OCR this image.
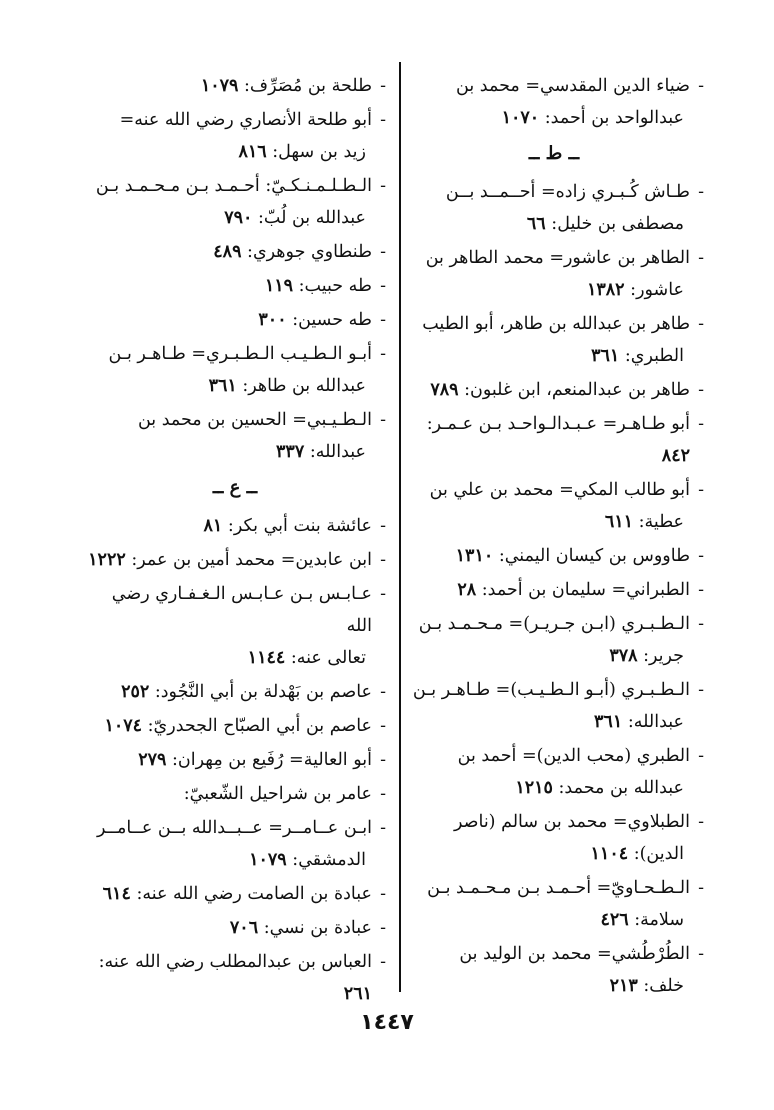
-ضياء الدين المقدسي= محمد بن
عبدالواحد بن أحمد: ١٠٧٠
ــ ط ــ
-طـاش كُـبـري زاده= أحــمــد بــن
مصطفى بن خليل: ٦٦
-الطاهر بن عاشور= محمد الطاهر بن
عاشور: ١٣٨٢
-طاهر بن عبدالله بن طاهر، أبو الطيب
الطبري: ٣٦١
-طاهر بن عبدالمنعم، ابن غلبون: ٧٨٩
-أبو طـاهـر= عـبـدالـواحـد بـن عـمـر: ٨٤٢
-أبو طالب المكي= محمد بن علي بن
عطية: ٦١١
-طاووس بن كيسان اليمني: ١٣١٠
-الطبراني= سليمان بن أحمد: ٢٨
-الـطـبـري (ابـن جـريـر)= مـحـمـد بـن
جرير: ٣٧٨
-الـطـبـري (أبـو الـطـيـب)= طـاهـر بـن
عبدالله: ٣٦١
-الطبري (محب الدين)= أحمد بن
عبدالله بن محمد: ١٢١٥
-الطبلاوي= محمد بن سالم (ناصر
الدين): ١١٠٤
-الـطـحـاويّ= أحـمـد بـن مـحـمـد بـن
سلامة: ٤٢٦
-الطُرْطُشي= محمد بن الوليد بن
خلف: ٢١٣
-طلحة بن مُصَرِّف: ١٠٧٩
-أبو طلحة الأنصاري رضي الله عنه=
زيد بن سهل: ٨١٦
-الـطـلـمـنـكـيّ: أحـمـد بـن مـحـمـد بـن
عبدالله بن لُبّ: ٧٩٠
-طنطاوي جوهري: ٤٨٩
-طه حبيب: ١١٩
-طه حسين: ٣٠٠
-أبـو الـطـيـب الـطـبـري= طـاهـر بـن
عبدالله بن طاهر: ٣٦١
-الـطـيـبي= الحسين بن محمد بن
عبدالله: ٣٣٧
ــ ع ــ
-عائشة بنت أبي بكر: ٨١
-ابن عابدين= محمد أمين بن عمر: ١٢٢٢
-عـابـس بـن عـابـس الـغـفـاري رضي الله
تعالى عنه: ١١٤٤
-عاصم بن بَهْدلة بن أبي النَّجُود: ٢٥٢
-عاصم بن أبي الصبّاح الجحدريّ: ١٠٧٤
-أبو العالية= رُفَيع بن مِهران: ٢٧٩
-عامر بن شراحيل الشّعبيّ:
-ابـن عــامــر= عــبــدالله بــن عــامــر
الدمشقي: ١٠٧٩
-عبادة بن الصامت رضي الله عنه: ٦١٤
-عبادة بن نسي: ٧٠٦
-العباس بن عبدالمطلب رضي الله عنه: ٢٦١
١٤٤٧
